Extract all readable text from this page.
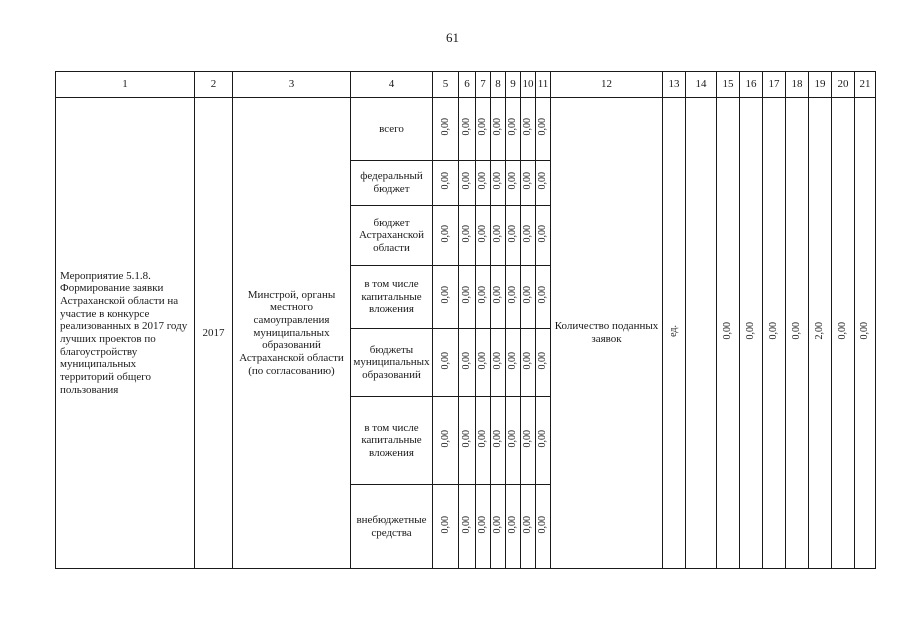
61
1	2	3	4	5	6	7	8	9	10	11	12	13	14	15	16	17	18	19	20	21
Мероприятие 5.1.8. Формирование заявки Астраханской области на участие в конкурсе реализованных в 2017 году лучших проектов по благоустройству муниципальных территорий общего пользования	2017	Минстрой, органы местного самоуправления муниципальных образований Астраханской области (по согласованию)	всего	0,00	0,00	0,00	0,00	0,00	0,00	0,00	Количество поданных заявок	ед.		0,00	0,00	0,00	0,00	2,00	0,00	0,00
			федеральный бюджет	0,00	0,00	0,00	0,00	0,00	0,00	0,00										
			бюджет Астраханской области	0,00	0,00	0,00	0,00	0,00	0,00	0,00										
			в том числе капитальные вложения	0,00	0,00	0,00	0,00	0,00	0,00	0,00										
			бюджеты муниципальных образований	0,00	0,00	0,00	0,00	0,00	0,00	0,00										
			в том числе капитальные вложения	0,00	0,00	0,00	0,00	0,00	0,00	0,00										
			внебюджетные средства	0,00	0,00	0,00	0,00	0,00	0,00	0,00										
